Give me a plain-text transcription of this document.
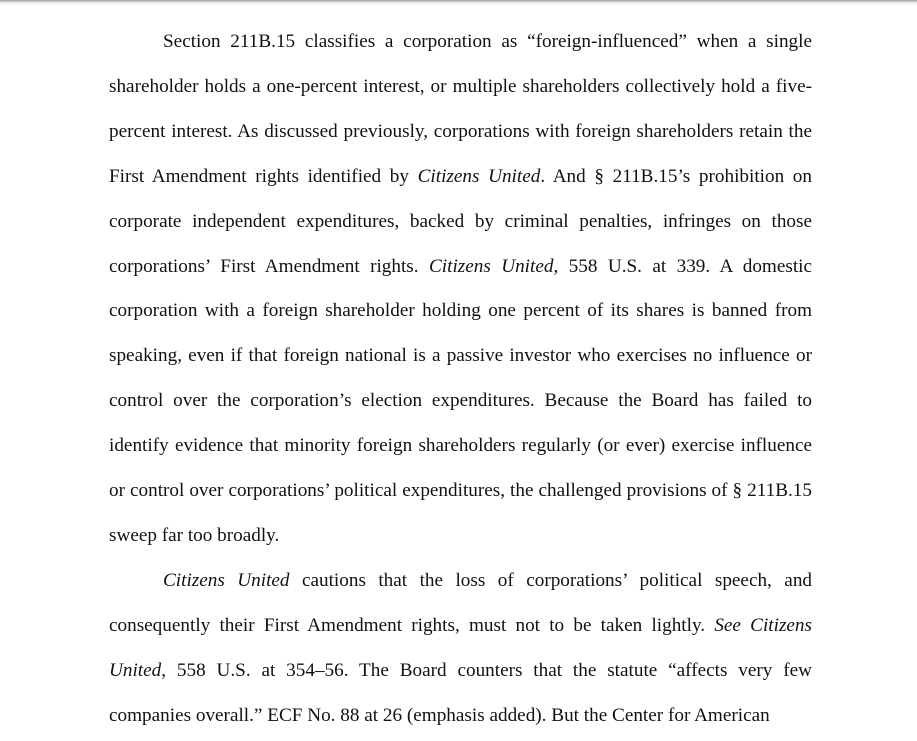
Section 211B.15 classifies a corporation as “foreign-influenced” when a single shareholder holds a one-percent interest, or multiple shareholders collectively hold a five-percent interest. As discussed previously, corporations with foreign shareholders retain the First Amendment rights identified by Citizens United. And § 211B.15’s prohibition on corporate independent expenditures, backed by criminal penalties, infringes on those corporations’ First Amendment rights. Citizens United, 558 U.S. at 339. A domestic corporation with a foreign shareholder holding one percent of its shares is banned from speaking, even if that foreign national is a passive investor who exercises no influence or control over the corporation’s election expenditures. Because the Board has failed to identify evidence that minority foreign shareholders regularly (or ever) exercise influence or control over corporations’ political expenditures, the challenged provisions of § 211B.15 sweep far too broadly.

Citizens United cautions that the loss of corporations’ political speech, and consequently their First Amendment rights, must not to be taken lightly. See Citizens United, 558 U.S. at 354–56. The Board counters that the statute “affects very few companies overall.” ECF No. 88 at 26 (emphasis added). But the Center for American
